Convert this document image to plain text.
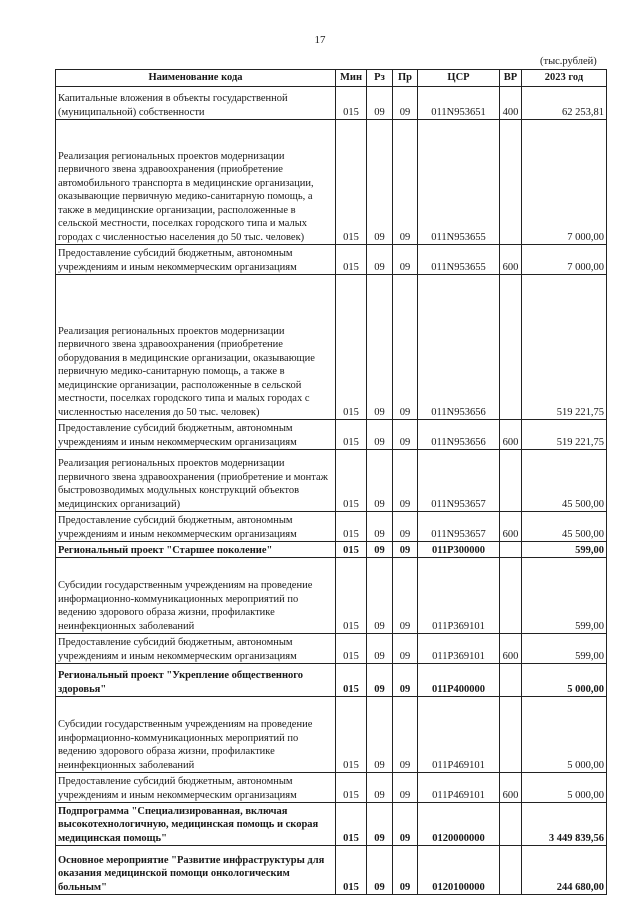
17
(тыс.рублей)
Наименование кода	Мин	Рз	Пр	ЦСР	ВР	2023 год
Капитальные вложения в объекты государственной (муниципальной) собственности	015	09	09	011N953651	400	62 253,81
Реализация региональных проектов модернизации первичного звена здравоохранения (приобретение автомобильного транспорта в медицинские организации, оказывающие первичную медико-санитарную помощь, а также в медицинские организации, расположенные в сельской местности, поселках городского типа и малых городах с численностью населения до 50 тыс. человек)	015	09	09	011N953655		7 000,00
Предоставление субсидий бюджетным, автономным учреждениям и иным некоммерческим организациям	015	09	09	011N953655	600	7 000,00
Реализация региональных проектов модернизации первичного звена здравоохранения (приобретение оборудования в медицинские организации, оказывающие первичную медико-санитарную помощь, а также в медицинские организации, расположенные в сельской местности, поселках городского типа и малых городах с численностью населения до 50 тыс. человек)	015	09	09	011N953656		519 221,75
Предоставление субсидий бюджетным, автономным учреждениям и иным некоммерческим организациям	015	09	09	011N953656	600	519 221,75
Реализация региональных проектов модернизации первичного звена здравоохранения (приобретение и монтаж быстровозводимых модульных конструкций объектов медицинских организаций)	015	09	09	011N953657		45 500,00
Предоставление субсидий бюджетным, автономным учреждениям и иным некоммерческим организациям	015	09	09	011N953657	600	45 500,00
Региональный проект "Старшее поколение"	015	09	09	011P300000		599,00
Субсидии государственным учреждениям на проведение информационно-коммуникационных мероприятий по ведению здорового образа жизни, профилактике неинфекционных заболеваний	015	09	09	011P369101		599,00
Предоставление субсидий бюджетным, автономным учреждениям и иным некоммерческим организациям	015	09	09	011P369101	600	599,00
Региональный проект "Укрепление общественного здоровья"	015	09	09	011P400000		5 000,00
Субсидии государственным учреждениям на проведение информационно-коммуникационных мероприятий по ведению здорового образа жизни, профилактике неинфекционных заболеваний	015	09	09	011P469101		5 000,00
Предоставление субсидий бюджетным, автономным учреждениям и иным некоммерческим организациям	015	09	09	011P469101	600	5 000,00
Подпрограмма "Специализированная, включая высокотехнологичную, медицинская помощь и скорая медицинская помощь"	015	09	09	0120000000		3 449 839,56
Основное мероприятие "Развитие инфраструктуры для оказания медицинской помощи онкологическим больным"	015	09	09	0120100000		244 680,00
